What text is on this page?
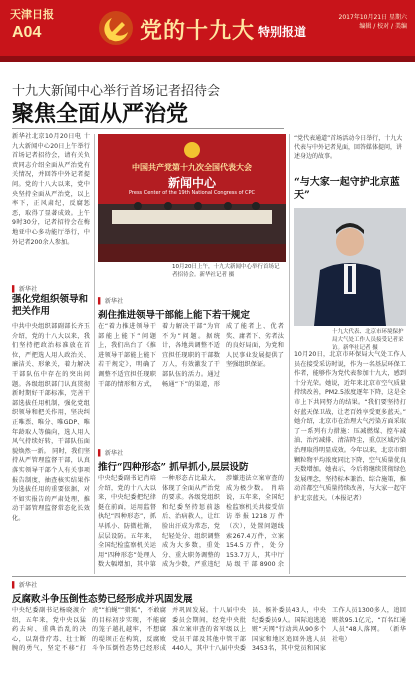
天津日报
A04	党的十九大 特别报道
2017年10月21日 星期六
编辑 / 校对 / 美编
十九大新闻中心举行首场记者招待会
聚焦全面从严治党
新华社北京10月20日电 十九大新闻中心20日上午举行首场记者招待会，请有关负责同志介绍全面从严治党有关情况，并回答中外记者提问。党的十八大以来，党中央坚持全面从严治党，以上率下，正风肃纪，反腐惩恶，取得了显著成效。上午9时30分，记者招待会在梅地亚中心多功能厅举行，中外记者200余人参加。
▌ 新华社
强化党组织领导和把关作用
中共中央组织部副部长齐玉介绍，党的十八大以来，我们坚持把政治标准放在首位，严把选人用人政治关、廉洁关、形象关，着力解决干部队伍中存在的突出问题。各级组织部门认真贯彻新时期好干部标准，完善干部选拔任用机制，强化党组织领导和把关作用，坚决纠正唯票、唯分、唯GDP、唯年龄取人等偏向，选人用人风气持续好转，干部队伍面貌焕然一新。 同时，我们坚持从严管理监督干部，认真落实领导干部个人有关事项报告制度，抽查核实结果作为选拔任用的重要依据，对不如实报告的严肃处理，推动干部管理监督常态化长效化。
中国共产党第十九次全国代表大会
新闻中心
Press Center of the 19th National Congress of CPC
10月20日上午，十九大新闻中心举行首场记者招待会。新华社记者 摄
▌ 新华社
刹住推进领导干部能上能下若干规定
在“着力推进领导干部能上能下”问题上，我们出台了《推进领导干部能上能下若干规定》，明确了调整不适宜担任现职干部的情形和方式，着力解决干部“为官不为”问题。据统计，各地共调整不适宜担任现职的干部数万人，有效激发了干部队伍的活力。通过畅通“下”的渠道，形成了能者上、优者奖、庸者下、劣者汰的良好局面，为党和人民事业发展提供了坚强组织保证。
▌ 新华社
推行“四种形态” 抓早抓小,层层设防
中央纪委副书记肖培介绍，党的十八大以来，中央纪委把纪律挺在前面，运用监督执纪“四种形态”，抓早抓小、防微杜渐，层层设防。五年来，全国纪检监察机关运用“四种形态”处理人数大幅增加，其中第一种形态占比最大，体现了全面从严治党的要求。各级党组织和纪委坚持惩前毖后、治病救人，让红脸出汗成为常态，党纪轻处分、组织调整成为大多数，重处分、重大职务调整的成为少数，严重违纪涉嫌违法立案审查的成为极少数。 肖培说，五年来，全国纪检监察机关共接受信访举报1218万件（次），处置问题线索267.4万件，立案154.5万件，处分153.7万人，其中厅局级干部8900余
“党代表通道”首场活动今日举行，十九大代表与中外记者见面，回答媒体提问，讲述身边的故事。
“与大家一起守护北京蓝天”
十九大代表、北京市环境保护局大气处工作人员接受记者采访。新华社记者 摄
10月20日，北京市环保局大气处工作人员在接受采访时说，作为一名基层环保工作者，能够作为党代表参加十九大，感到十分光荣。她说，近年来北京市空气质量持续改善，PM2.5浓度逐年下降，这是全市上下共同努力的结果。“我们要坚持打好蓝天保卫战，让老百姓享受更多蓝天。” 她介绍，北京市在治理大气污染方面采取了一系列有力措施：压减燃煤、控车减油、治污减排、清洁降尘，重点区域污染治理取得明显成效。今年以来，北京市细颗粒物平均浓度同比下降，空气质量优良天数增加。她表示，今后将继续贯彻绿色发展理念，坚持标本兼治、综合施策，推动首都空气质量持续改善，与大家一起守护北京蓝天。（本报记者）
▌ 新华社
反腐败斗争压倒性态势已经形成并巩固发展
中央纪委副书记杨晓渡介绍，五年来，党中央以猛药去疴、重典治乱的决心，以刮骨疗毒、壮士断腕的勇气，坚定不移“打虎”“拍蝇”“猎狐”，不敢腐的目标初步实现，不能腐的笼子越扎越牢，不想腐的堤坝正在构筑，反腐败斗争压倒性态势已经形成并巩固发展。十八届中央委员会期间，经党中央批准立案审查的省军级以上党员干部及其他中管干部440人，其中十八届中央委员、候补委员43人，中央纪委委员9人。国际追逃追赃“天网”行动共从90多个国家和地区追回外逃人员3453名，其中党员和国家工作人员1300多人，追回赃款95.1亿元，“百名红通人员”48人落网。 （新华社电）
